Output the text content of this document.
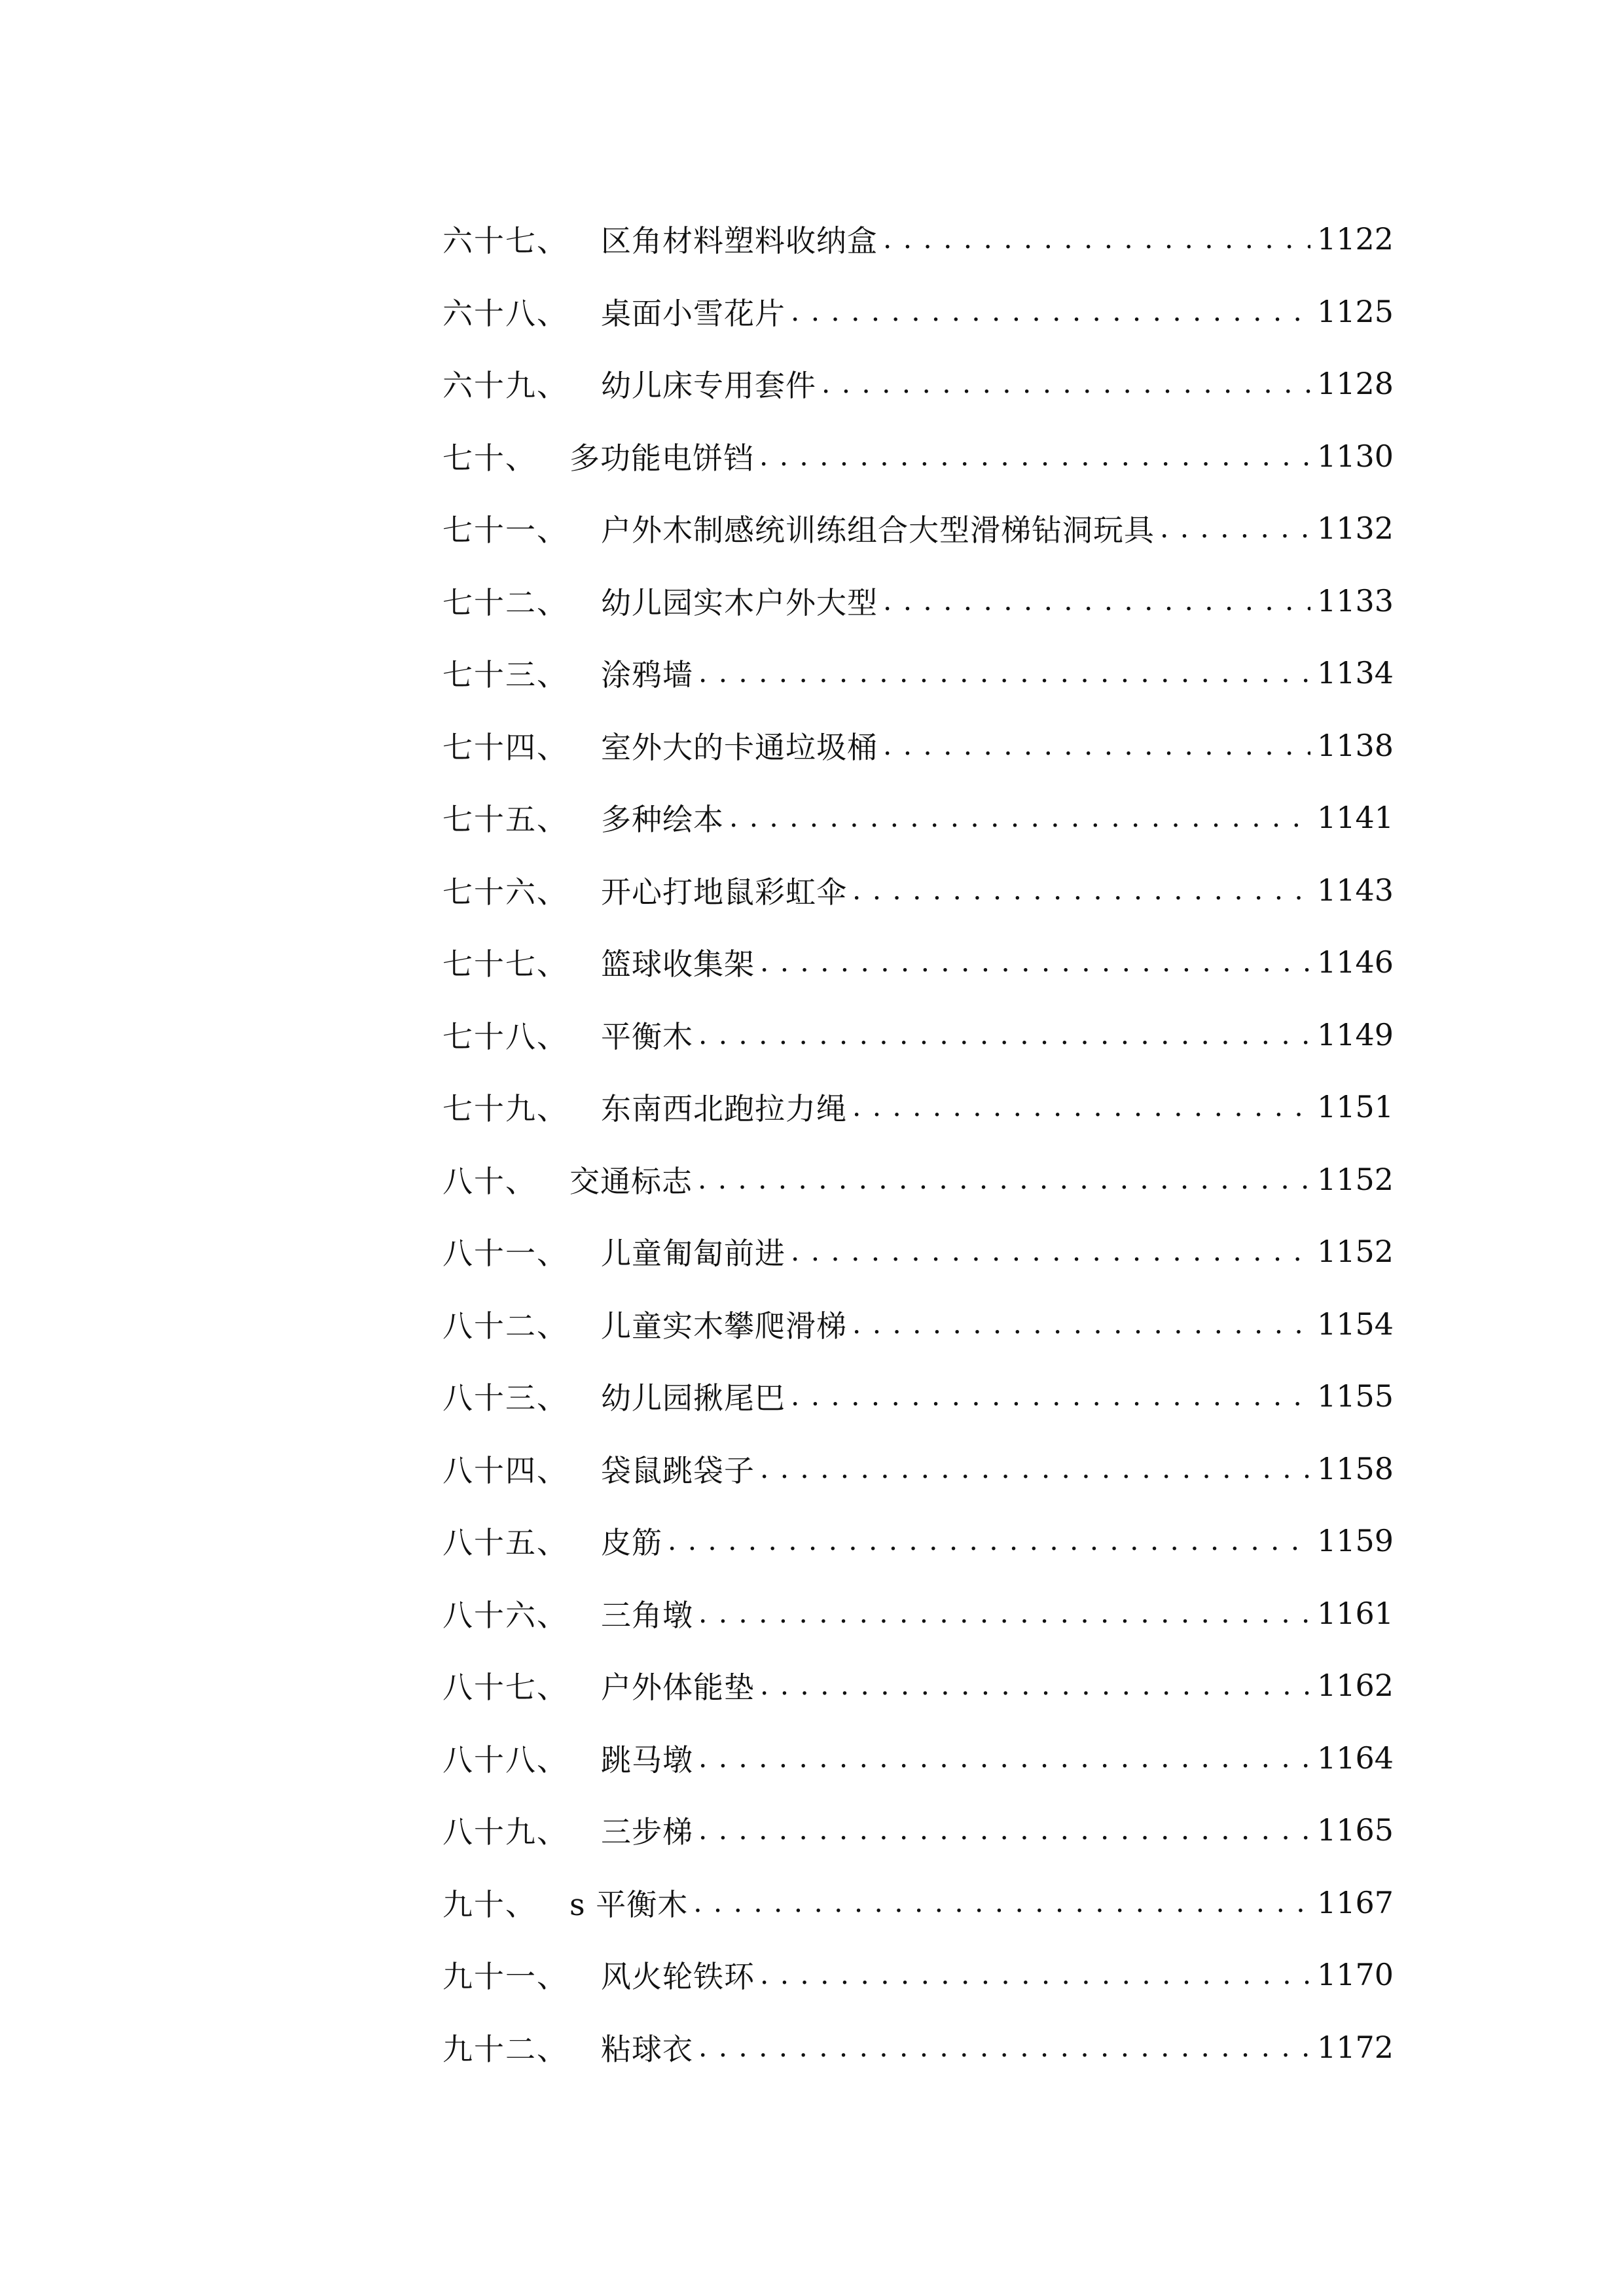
六十七、 区角材料塑料收纳盒 . . .	1122
六十八、 桌面小雪花片 . . .	1125
六十九、 幼儿床专用套件 . . .	1128
七十、 多功能电饼铛 . . .	1130
七十一、 户外木制感统训练组合大型滑梯钻洞玩具 . . .	1132
七十二、 幼儿园实木户外大型 . . .	1133
七十三、 涂鸦墙 . . .	1134
七十四、 室外大的卡通垃圾桶 . . .	1138
七十五、 多种绘本 . . .	1141
七十六、 开心打地鼠彩虹伞 . . .	1143
七十七、 篮球收集架 . . .	1146
七十八、 平衡木 . . .	1149
七十九、 东南西北跑拉力绳 . . .	1151
八十、 交通标志 . . .	1152
八十一、 儿童匍匐前进 . . .	1152
八十二、 儿童实木攀爬滑梯 . . .	1154
八十三、 幼儿园揪尾巴 . . .	1155
八十四、 袋鼠跳袋子 . . .	1158
八十五、 皮筋 . . .	1159
八十六、 三角墩 . . .	1161
八十七、 户外体能垫 . . .	1162
八十八、 跳马墩 . . .	1164
八十九、 三步梯 . . .	1165
九十、 s 平衡木 . . .	1167
九十一、 风火轮铁环 . . .	1170
九十二、 粘球衣 . . .	1172
